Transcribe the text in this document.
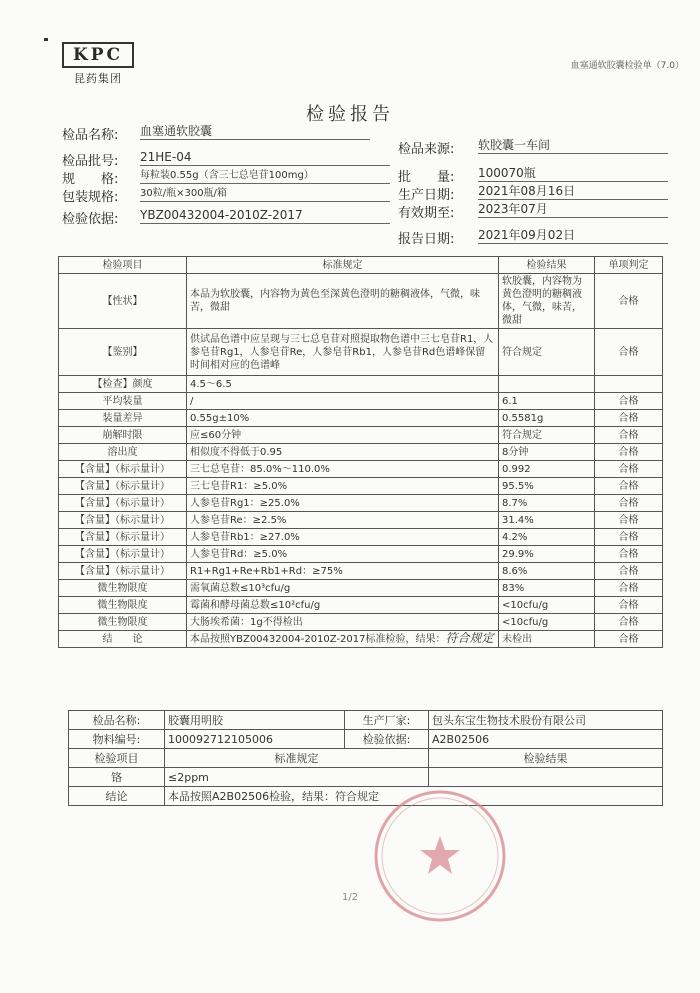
KPC
昆药集团
血塞通软胶囊检验单（7.0）
检验报告
检品名称: 血塞通软胶囊
检品来源: 软胶囊一车间
检品批号: 21HE-04
批　　量: 100070瓶
规　　格: 每粒装0.55g（含三七总皂苷100mg）
生产日期: 2021年08月16日
包装规格: 30粒/瓶×300瓶/箱
有效期至: 2023年07月
检验依据: YBZ00432004-2010Z-2017
报告日期: 2021年09月02日
检验项目	标准规定	检验结果	单项判定
【性状】	本品为软胶囊，内容物为黄色至深黄色澄明的糖稠液体，气微，味苦，微甜	软胶囊，内容物为黄色澄明的糖稠液体，气微，味苦，微甜	合格
【鉴别】	供试品色谱中应呈现与三七总皂苷对照提取物色谱中三七皂苷R1，人参皂苷Rg1，人参皂苷Re，人参皂苷Rb1，人参皂苷Rd色谱峰保留时间相对应的色谱峰	符合规定	合格
【检查】颜度	4.5～6.5		
平均装量	/	6.1	合格
装量差异	0.55g±10%	0.5581g	合格
崩解时限	应≤60分钟	符合规定	合格
溶出度	相似度不得低于0.95	8分钟	合格
【含量】（标示量计）	三七总皂苷：85.0%～110.0%	0.992	合格
【含量】（标示量计）	三七皂苷R1：≥5.0%	95.5%	合格
【含量】（标示量计）	人参皂苷Rg1：≥25.0%	8.7%	合格
【含量】（标示量计）	人参皂苷Re：≥2.5%	31.4%	合格
【含量】（标示量计）	人参皂苷Rb1：≥27.0%	4.2%	合格
【含量】（标示量计）	人参皂苷Rd：≥5.0%	29.9%	合格
【含量】（标示量计）	R1+Rg1+Re+Rb1+Rd：≥75%	8.6%	合格
微生物限度	需氧菌总数≤10³cfu/g	83%	合格
微生物限度	霉菌和酵母菌总数≤10²cfu/g	<10cfu/g	合格
微生物限度	大肠埃希菌：1g不得检出	<10cfu/g	合格
结　　论	本品按照YBZ00432004-2010Z-2017标准检验，结果：符合规定	未检出	合格
检品名称:	胶囊用明胶	生产厂家:	包头东宝生物技术股份有限公司
物料编号:	100092712105006	检验依据:	A2B02506
检验项目	标准规定		检验结果
铬	≤2ppm		
结论	本品按照A2B02506检验，结果：符合规定		
1/2
